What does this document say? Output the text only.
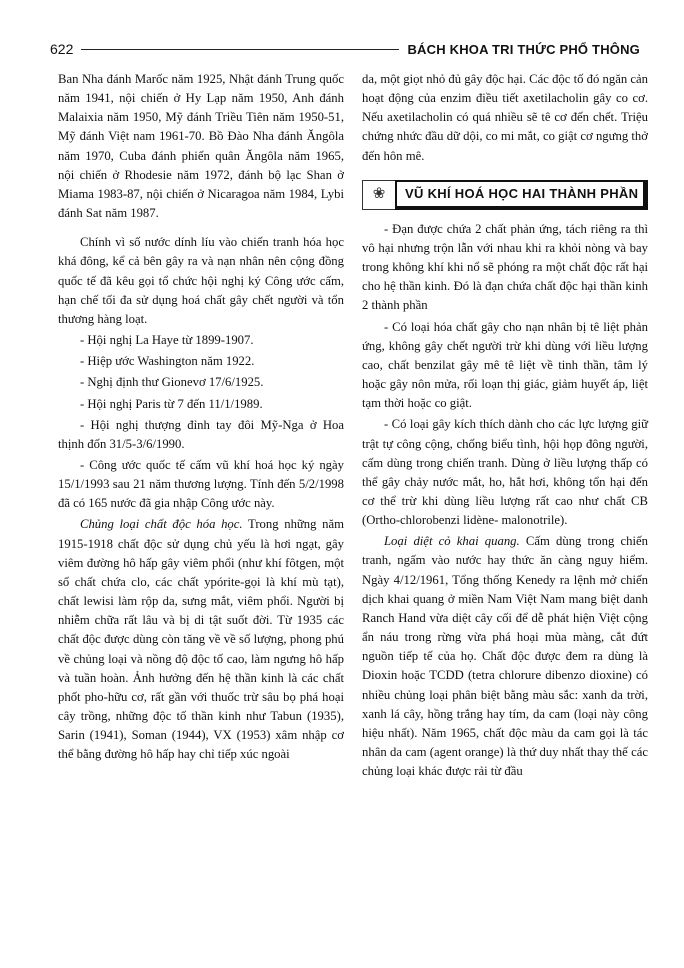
622	BÁCH KHOA TRI THỨC PHỔ THÔNG

Ban Nha đánh Marốc năm 1925, Nhật đánh Trung quốc năm 1941, nội chiến ở Hy Lạp năm 1950, Anh đánh Malaixia năm 1950, Mỹ đánh Triều Tiên năm 1950-51, Mỹ đánh Việt nam 1961-70. Bồ Đào Nha đánh Ăngôla năm 1970, Cuba đánh phiến quân Ăngôla năm 1965, nội chiến ở Rhodesie năm 1972, đánh bộ lạc Shan ở Miama 1983-87, nội chiến ở Nicaragoa năm 1984, Lybi đánh Sat năm 1987.

Chính vì số nước dính líu vào chiến tranh hóa học khá đông, kể cả bên gây ra và nạn nhân nên cộng đồng quốc tế đã kêu gọi tổ chức hội nghị ký Công ước cấm, hạn chế tối đa sử dụng hoá chất gây chết người và tổn thương hàng loạt.

- Hội nghị La Haye từ 1899-1907.

- Hiệp ước Washington năm 1922.

- Nghị định thư Gionevơ 17/6/1925.

- Hội nghị Paris từ 7 đến 11/1/1989.

- Hội nghị thượng đỉnh tay đôi Mỹ-Nga ở Hoa thịnh đốn 31/5-3/6/1990.

- Công ước quốc tế cấm vũ khí hoá học ký ngày 15/1/1993 sau 21 năm thương lượng. Tính đến 5/2/1998 đã có 165 nước đã gia nhập Công ước này.

Chủng loại chất độc hóa học. Trong những năm 1915-1918 chất độc sử dụng chủ yếu là hơi ngạt, gây viêm đường hô hấp gây viêm phổi (như khí fôtgen, một số chất chứa clo, các chất ypórite-gọi là khí mù tạt), chất lewisi làm rộp da, sưng mắt, viêm phổi. Người bị nhiễm chữa rất lâu và bị di tật suốt đời. Từ 1935 các chất độc được dùng còn tăng về về số lượng, phong phú về chủng loại và nồng độ độc tố cao, làm ngưng hô hấp và tuần hoàn. Ảnh hưởng đến hệ thần kinh là các chất phốt pho-hữu cơ, rất gần với thuốc trừ sâu bọ phá hoại cây trồng, những độc tố thần kinh như Tabun (1935), Sarin (1941), Soman (1944), VX (1953) xâm nhập cơ thể bằng đường hô hấp hay chỉ tiếp xúc ngoài

da, một giọt nhỏ đủ gây độc hại. Các độc tố đó ngăn cản hoạt động của enzim điều tiết axetilacholin gây co cơ. Nếu axetilacholin có quá nhiều sẽ tê cơ đến chết. Triệu chứng nhức đầu dữ dội, co mi mắt, co giật cơ ngưng thở đến hôn mê.

❀	VŨ KHÍ HOÁ HỌC HAI THÀNH PHẦN

- Đạn được chứa 2 chất phản ứng, tách riêng ra thì vô hại nhưng trộn lẫn với nhau khi ra khỏi nòng và bay trong không khí khi nổ sẽ phóng ra một chất độc rất hại cho hệ thần kinh. Đó là đạn chứa chất độc hại thần kinh 2 thành phần

- Có loại hóa chất gây cho nạn nhân bị tê liệt phản ứng, không gây chết người trừ khi dùng với liều lượng cao, chất benzilat gây mê tê liệt về tinh thần, tâm lý hoặc gây nôn mửa, rối loạn thị giác, giảm huyết áp, liệt tạm thời hoặc co giật.

- Có loại gây kích thích dành cho các lực lượng giữ trật tự công cộng, chống biểu tình, hội họp đông người, cấm dùng trong chiến tranh. Dùng ở liều lượng thấp có thể gây chảy nước mắt, ho, hắt hơi, không tổn hại đến cơ thể trừ khi dùng liều lượng rất cao như chất CB (Ortho-chlorobenzi lidène- malonotrile).

Loại diệt cỏ khai quang. Cấm dùng trong chiến tranh, ngấm vào nước hay thức ăn càng nguy hiểm. Ngày 4/12/1961, Tổng thống Kenedy ra lệnh mở chiến dịch khai quang ở miền Nam Việt Nam mang biệt danh Ranch Hand vừa diệt cây cối để dễ phát hiện Việt cộng ẩn náu trong rừng vừa phá hoại mùa màng, cắt đứt nguồn tiếp tế của họ. Chất độc được đem ra dùng là Dioxin hoặc TCDD (tetra chlorure dibenzo dioxine) có nhiều chủng loại phân biệt bằng màu sắc: xanh da trời, xanh lá cây, hồng trắng hay tím, da cam (loại này công hiệu nhất). Năm 1965, chất độc màu da cam gọi là tác nhân da cam (agent orange) là thứ duy nhất thay thế các chủng loại khác được rải từ đầu
